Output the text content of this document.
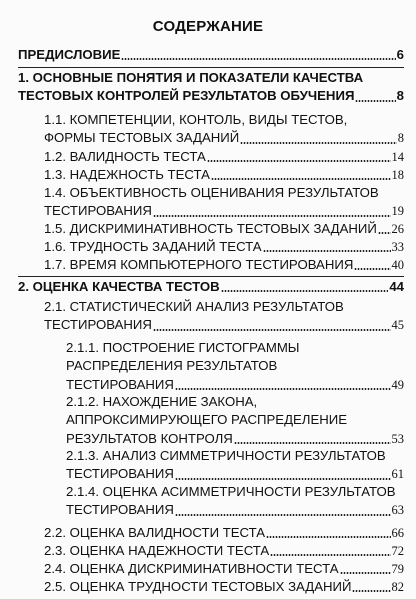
СОДЕРЖАНИЕ
ПРЕДИСЛОВИЕ	6
1. ОСНОВНЫЕ ПОНЯТИЯ И ПОКАЗАТЕЛИ КАЧЕСТВА
ТЕСТОВЫХ КОНТРОЛЕЙ РЕЗУЛЬТАТОВ ОБУЧЕНИЯ	8
1.1. КОМПЕТЕНЦИИ, КОНТОЛЬ, ВИДЫ ТЕСТОВ,
ФОРМЫ ТЕСТОВЫХ ЗАДАНИЙ	8
1.2. ВАЛИДНОСТЬ ТЕСТА	14
1.3. НАДЕЖНОСТЬ ТЕСТА	18
1.4. ОБЪЕКТИВНОСТЬ ОЦЕНИВАНИЯ РЕЗУЛЬТАТОВ
ТЕСТИРОВАНИЯ	19
1.5. ДИСКРИМИНАТИВНОСТЬ ТЕСТОВЫХ ЗАДАНИЙ 26
1.6. ТРУДНОСТЬ ЗАДАНИЙ ТЕСТА	33
1.7. ВРЕМЯ КОМПЬЮТЕРНОГО ТЕСТИРОВАНИЯ	40
2. ОЦЕНКА КАЧЕСТВА ТЕСТОВ	44
2.1. СТАТИСТИЧЕСКИЙ АНАЛИЗ РЕЗУЛЬТАТОВ
ТЕСТИРОВАНИЯ	45
2.1.1. ПОСТРОЕНИЕ ГИСТОГРАММЫ
РАСПРЕДЕЛЕНИЯ РЕЗУЛЬТАТОВ
ТЕСТИРОВАНИЯ	49
2.1.2. НАХОЖДЕНИЕ ЗАКОНА,
АППРОКСИМИРУЮЩЕГО РАСПРЕДЕЛЕНИЕ
РЕЗУЛЬТАТОВ КОНТРОЛЯ	53
2.1.3. АНАЛИЗ СИММЕТРИЧНОСТИ РЕЗУЛЬТАТОВ
ТЕСТИРОВАНИЯ	61
2.1.4. ОЦЕНКА АСИММЕТРИЧНОСТИ РЕЗУЛЬТАТОВ
ТЕСТИРОВАНИЯ	63
2.2. ОЦЕНКА ВАЛИДНОСТИ ТЕСТА	66
2.3. ОЦЕНКА НАДЕЖНОСТИ ТЕСТА	72
2.4. ОЦЕНКА ДИСКРИМИНАТИВНОСТИ ТЕСТА	79
2.5. ОЦЕНКА ТРУДНОСТИ ТЕСТОВЫХ ЗАДАНИЙ	82
